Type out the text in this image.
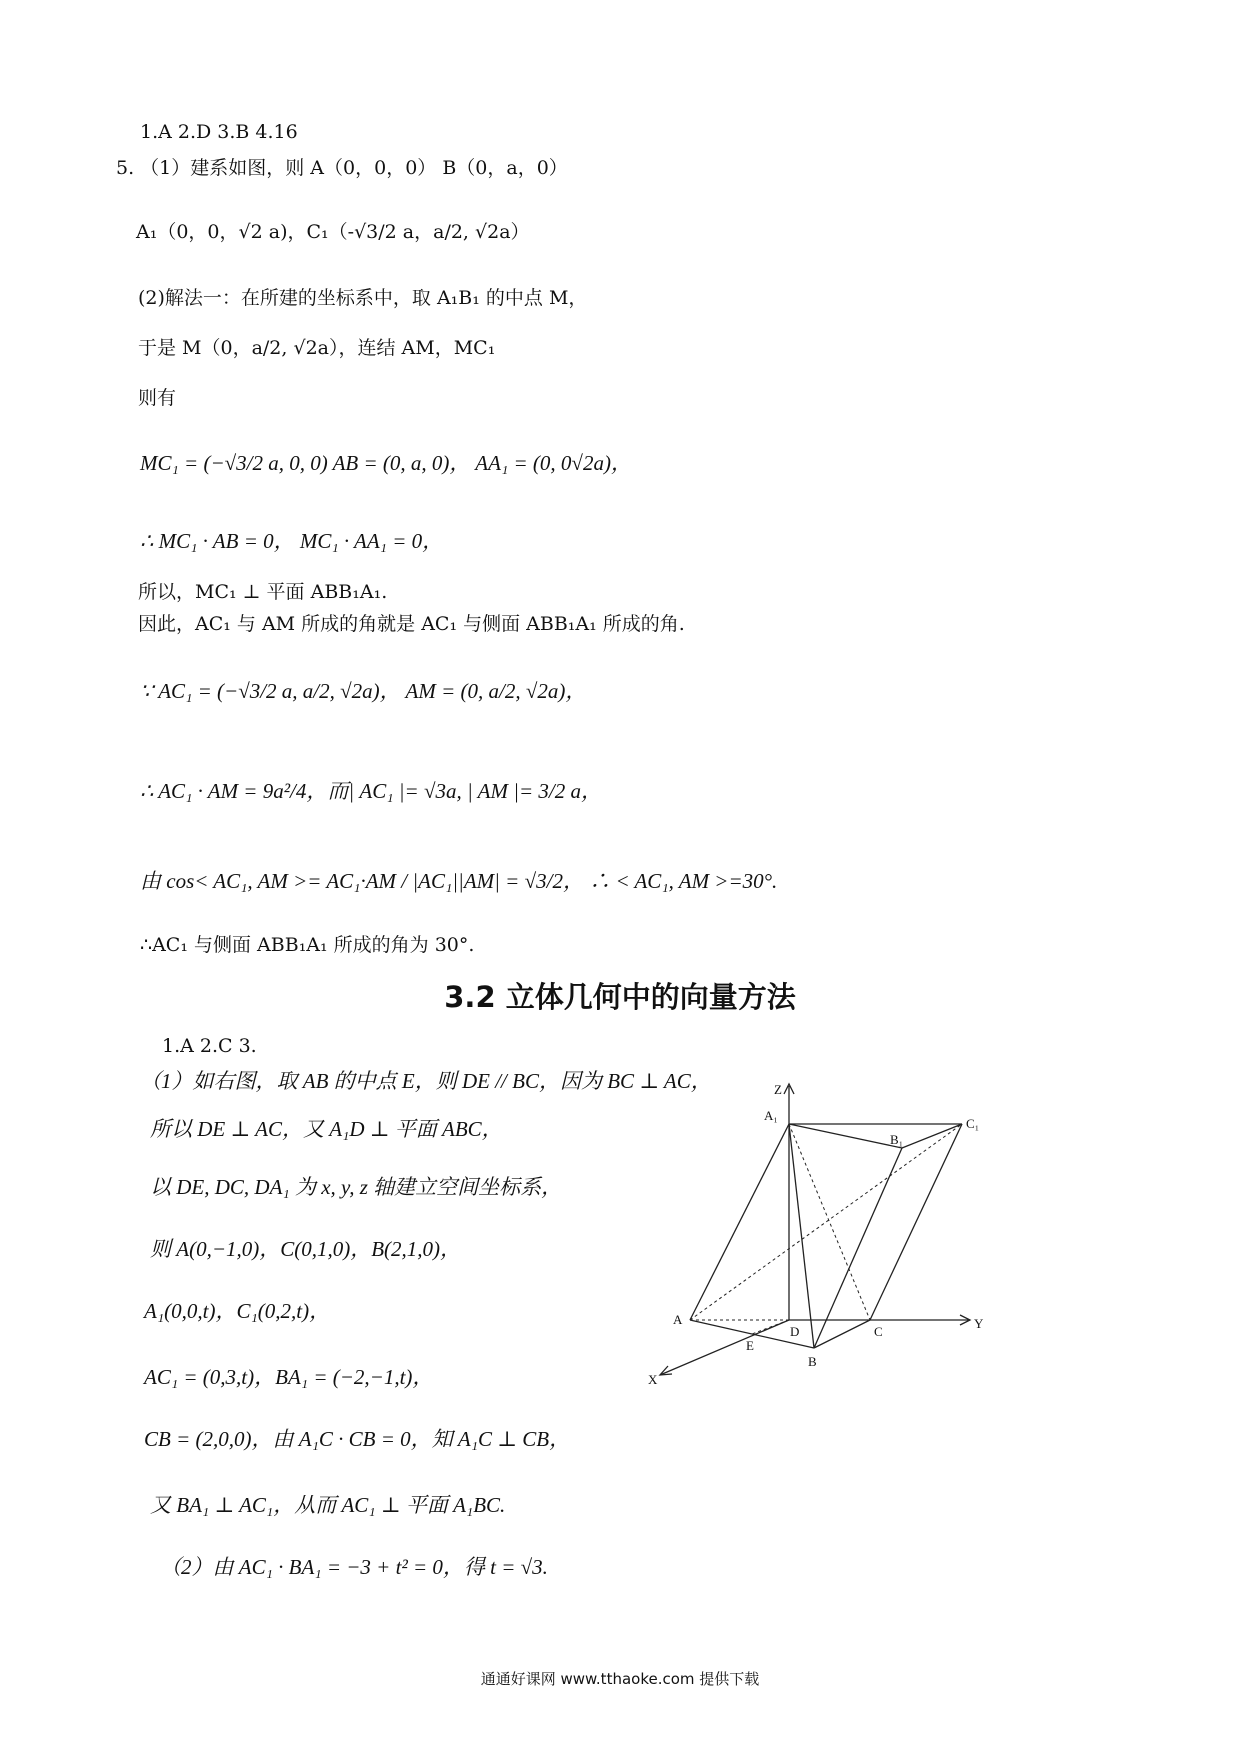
1.A 2.D 3.B 4.16
5. （1）建系如图，则 A（0，0，0） B（0，a，0）
A₁（0，0，√2 a)，C₁（-√3/2 a，a/2, √2a）
(2)解法一：在所建的坐标系中，取 A₁B₁ 的中点 M，
于是 M（0，a/2, √2a），连结 AM，MC₁
则有
MC₁ = (−√3/2 a, 0, 0) AB = (0, a, 0)， AA₁ = (0, 0√2a)，
∴ MC₁ · AB = 0， MC₁ · AA₁ = 0，
所以，MC₁ ⊥ 平面 ABB₁A₁.
因此，AC₁ 与 AM 所成的角就是 AC₁ 与侧面 ABB₁A₁ 所成的角.
∵ AC₁ = (−√3/2 a, a/2, √2a)， AM = (0, a/2, √2a)，
∴ AC₁ · AM = 9a²/4，而| AC₁ |= √3a, | AM |= 3/2 a，
由 cos< AC₁, AM >= AC₁·AM / |AC₁||AM| = √3/2， ∴ < AC₁, AM >=30°.
∴AC₁ 与侧面 ABB₁A₁ 所成的角为 30°.
3.2 立体几何中的向量方法
1.A 2.C 3.
（1）如右图，取 AB 的中点 E，则 DE // BC，因为 BC ⊥ AC，
所以 DE ⊥ AC，又 A₁D ⊥ 平面 ABC，
以 DE, DC, DA₁ 为 x, y, z 轴建立空间坐标系，
则 A(0,−1,0)，C(0,1,0)，B(2,1,0)，
A₁(0,0,t)，C₁(0,2,t)，
AC₁ = (0,3,t)，BA₁ = (−2,−1,t)，
CB = (2,0,0)，由 A₁C · CB = 0，知 A₁C ⊥ CB，
又 BA₁ ⊥ AC₁，从而 AC₁ ⊥ 平面 A₁BC.
（2）由 AC₁ · BA₁ = −3 + t² = 0，得 t = √3.
Z
A₁
B₁
C₁
A
D	C
Y
E
B
X
通通好课网 www.tthaoke.com 提供下载
